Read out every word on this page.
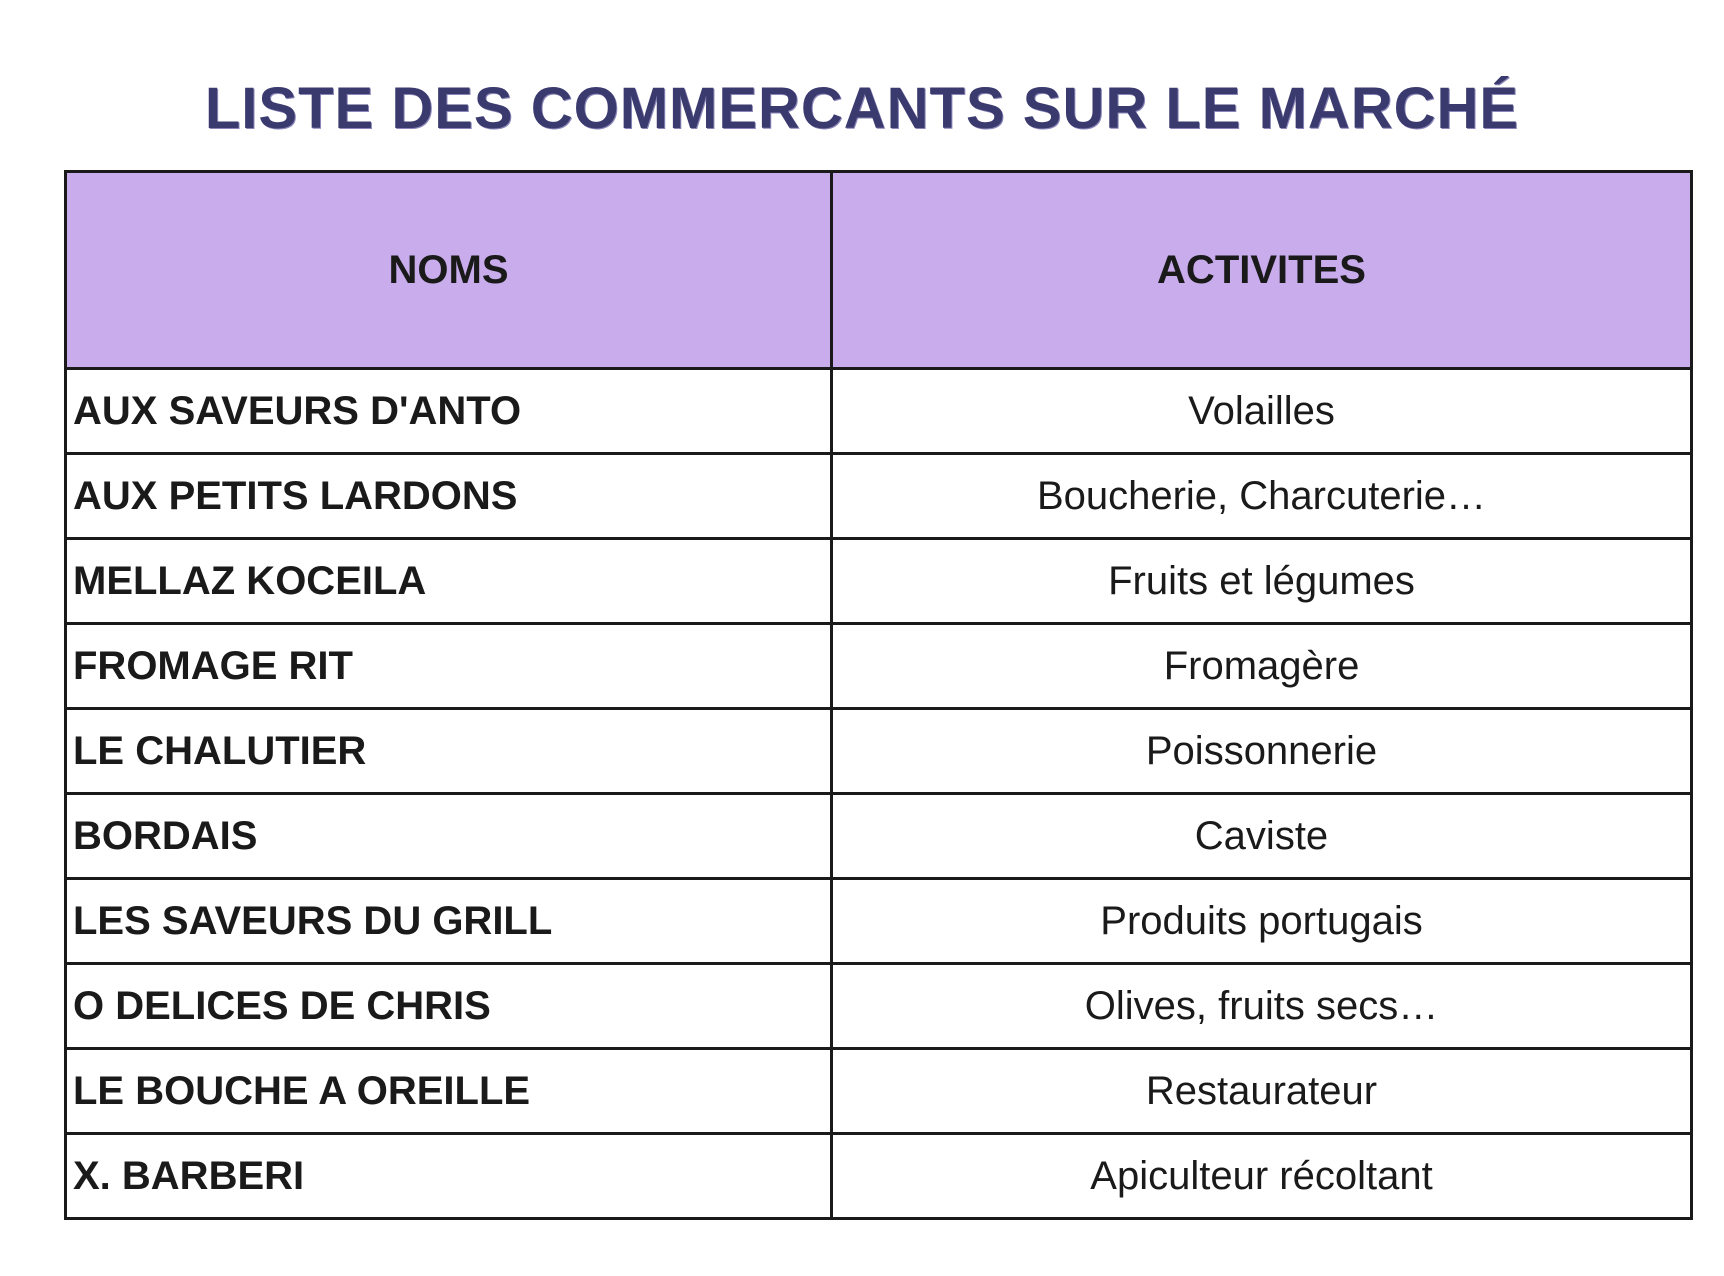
LISTE DES COMMERCANTS SUR LE MARCHÉ
NOMS	ACTIVITES
AUX SAVEURS D'ANTO	Volailles
AUX PETITS LARDONS	Boucherie, Charcuterie…
MELLAZ KOCEILA	Fruits et légumes
FROMAGE RIT	Fromagère
LE CHALUTIER	Poissonnerie
BORDAIS	Caviste
LES SAVEURS DU GRILL	Produits portugais
O DELICES DE CHRIS	Olives, fruits secs…
LE BOUCHE A OREILLE	Restaurateur
X. BARBERI	Apiculteur récoltant
